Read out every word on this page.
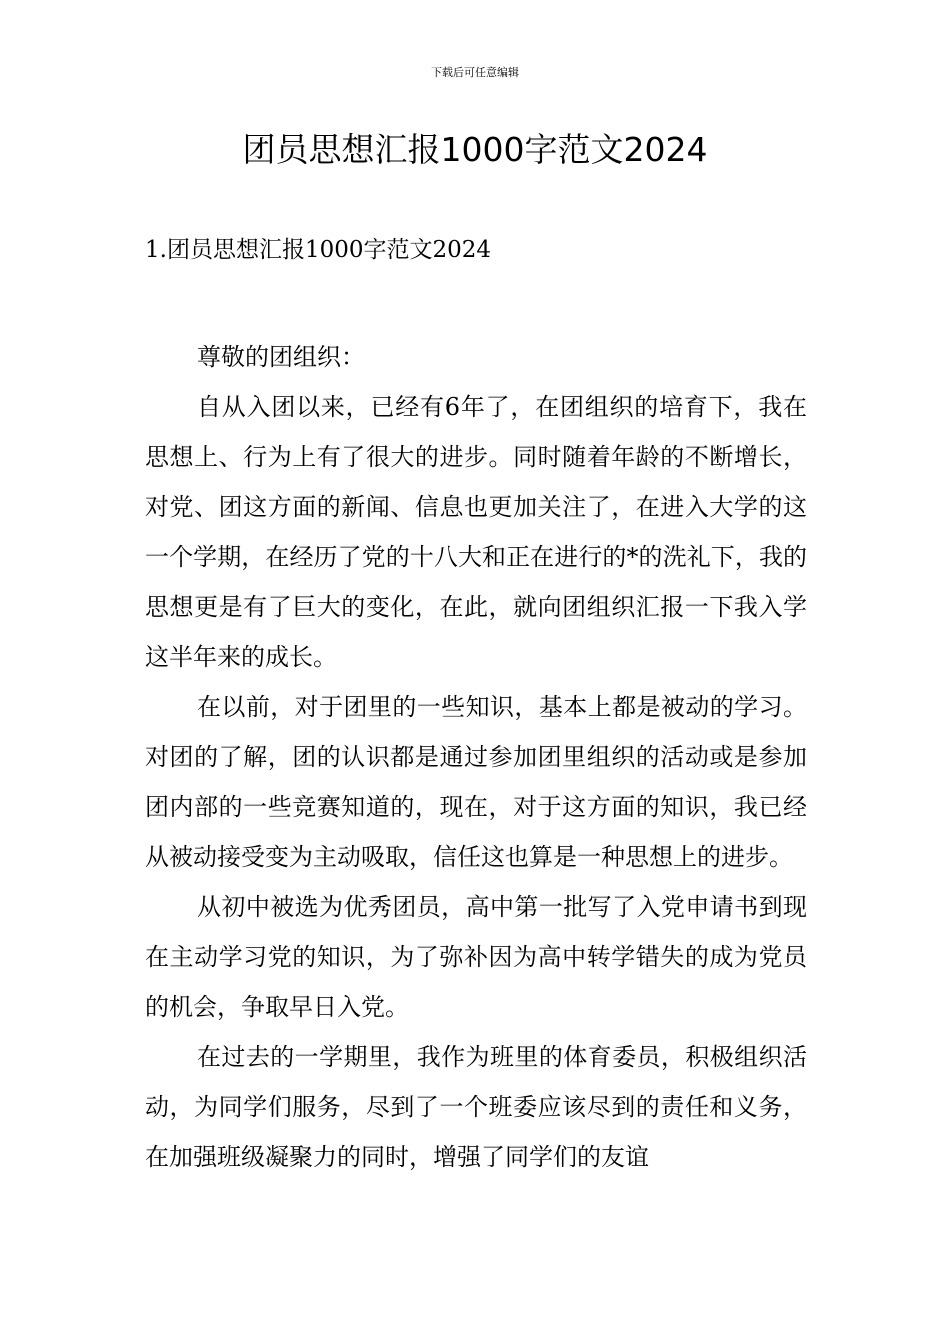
下载后可任意编辑
团员思想汇报1000字范文2024
1.团员思想汇报1000字范文2024

尊敬的团组织：

自从入团以来，已经有6年了，在团组织的培育下，我在思想上、行为上有了很大的进步。同时随着年龄的不断增长，对党、团这方面的新闻、信息也更加关注了，在进入大学的这一个学期，在经历了党的十八大和正在进行的*的洗礼下，我的思想更是有了巨大的变化，在此，就向团组织汇报一下我入学这半年来的成长。

在以前，对于团里的一些知识，基本上都是被动的学习。对团的了解，团的认识都是通过参加团里组织的活动或是参加团内部的一些竞赛知道的，现在，对于这方面的知识，我已经从被动接受变为主动吸取，信任这也算是一种思想上的进步。

从初中被选为优秀团员，高中第一批写了入党申请书到现在主动学习党的知识，为了弥补因为高中转学错失的成为党员的机会，争取早日入党。

在过去的一学期里，我作为班里的体育委员，积极组织活动，为同学们服务，尽到了一个班委应该尽到的责任和义务，在加强班级凝聚力的同时，增强了同学们的友谊
